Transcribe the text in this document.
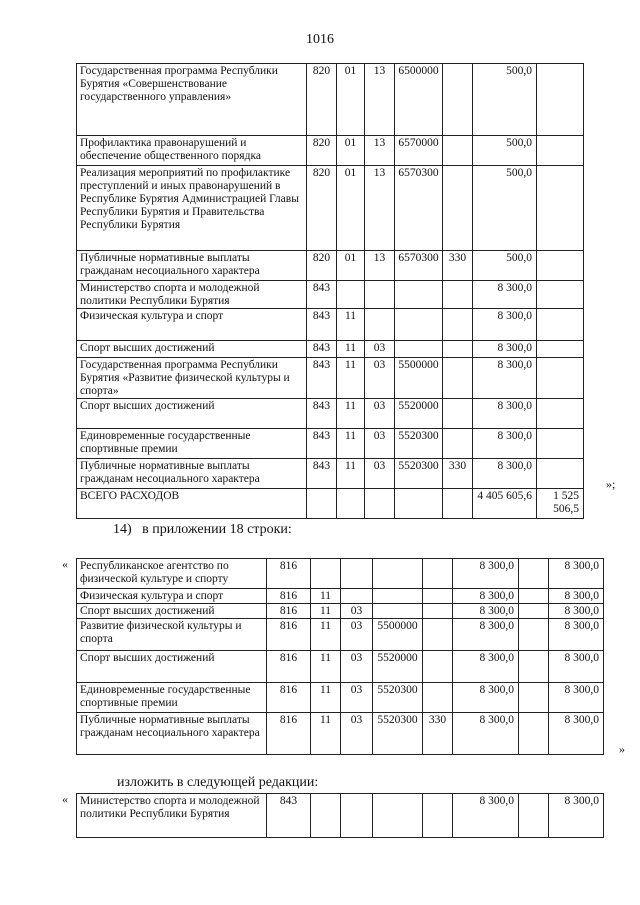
1016
Государственная программа Республики Бурятия «Совершенствование государственного управления»	820	01	13	6500000		500,0	
Профилактика правонарушений и обеспечение общественного порядка	820	01	13	6570000		500,0	
Реализация мероприятий по профилактике преступлений и иных правонарушений в Республике Бурятия Администрацией Главы Республики Бурятия и Правительства Республики Бурятия	820	01	13	6570300		500,0	
Публичные нормативные выплаты гражданам несоциального характера	820	01	13	6570300	330	500,0	
Министерство спорта и молодежной политики Республики Бурятия	843					8 300,0	
Физическая культура и спорт	843	11				8 300,0	
Спорт высших достижений	843	11	03			8 300,0	
Государственная программа Республики Бурятия «Развитие физической культуры и спорта»	843	11	03	5500000		8 300,0	
Спорт высших достижений	843	11	03	5520000		8 300,0	
Единовременные государственные спортивные премии	843	11	03	5520300		8 300,0	
Публичные нормативные выплаты гражданам несоциального характера	843	11	03	5520300	330	8 300,0	
ВСЕГО РАСХОДОВ						4 405 605,6	1 525 506,5
»;
14)   в приложении 18 строки:
« Республиканское агентство по физической культуре и спорту	816					8 300,0		8 300,0
Физическая культура и спорт	816	11				8 300,0		8 300,0
Спорт высших достижений	816	11	03			8 300,0		8 300,0
Развитие физической культуры и спорта	816	11	03	5500000		8 300,0		8 300,0
Спорт высших достижений	816	11	03	5520000		8 300,0		8 300,0
Единовременные государственные спортивные премии	816	11	03	5520300		8 300,0		8 300,0
Публичные нормативные выплаты гражданам несоциального характера	816	11	03	5520300	330	8 300,0		8 300,0
»
изложить в следующей редакции:
« Министерство спорта и молодежной политики Республики Бурятия	843					8 300,0		8 300,0
